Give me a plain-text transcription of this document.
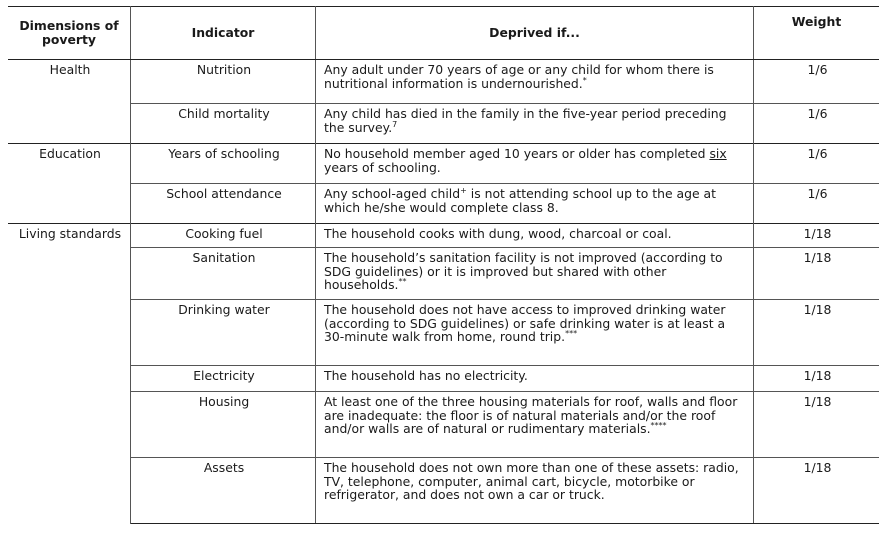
Dimensions of poverty	Indicator	Deprived if...	Weight
Health	Nutrition	Any adult under 70 years of age or any child for whom there is nutritional information is undernourished.*	1/6
	Child mortality	Any child has died in the family in the five-year period preceding the survey.$^7$	1/6
Education	Years of schooling	No household member aged 10 years or older has completed six years of schooling.	1/6
	School attendance	Any school-aged child+ is not attending school up to the age at which he/she would complete class 8.	1/6
Living standards	Cooking fuel	The household cooks with dung, wood, charcoal or coal.	1/18
	Sanitation	The household’s sanitation facility is not improved (according to SDG guidelines) or it is improved but shared with other households.**	1/18
	Drinking water	The household does not have access to improved drinking water (according to SDG guidelines) or safe drinking water is at least a 30-minute walk from home, round trip.***	1/18
	Electricity	The household has no electricity.	1/18
	Housing	At least one of the three housing materials for roof, walls and floor are inadequate: the floor is of natural materials and/or the roof and/or walls are of natural or rudimentary materials.****	1/18
	Assets	The household does not own more than one of these assets: radio, TV, telephone, computer, animal cart, bicycle, motorbike or refrigerator, and does not own a car or truck.	1/18
